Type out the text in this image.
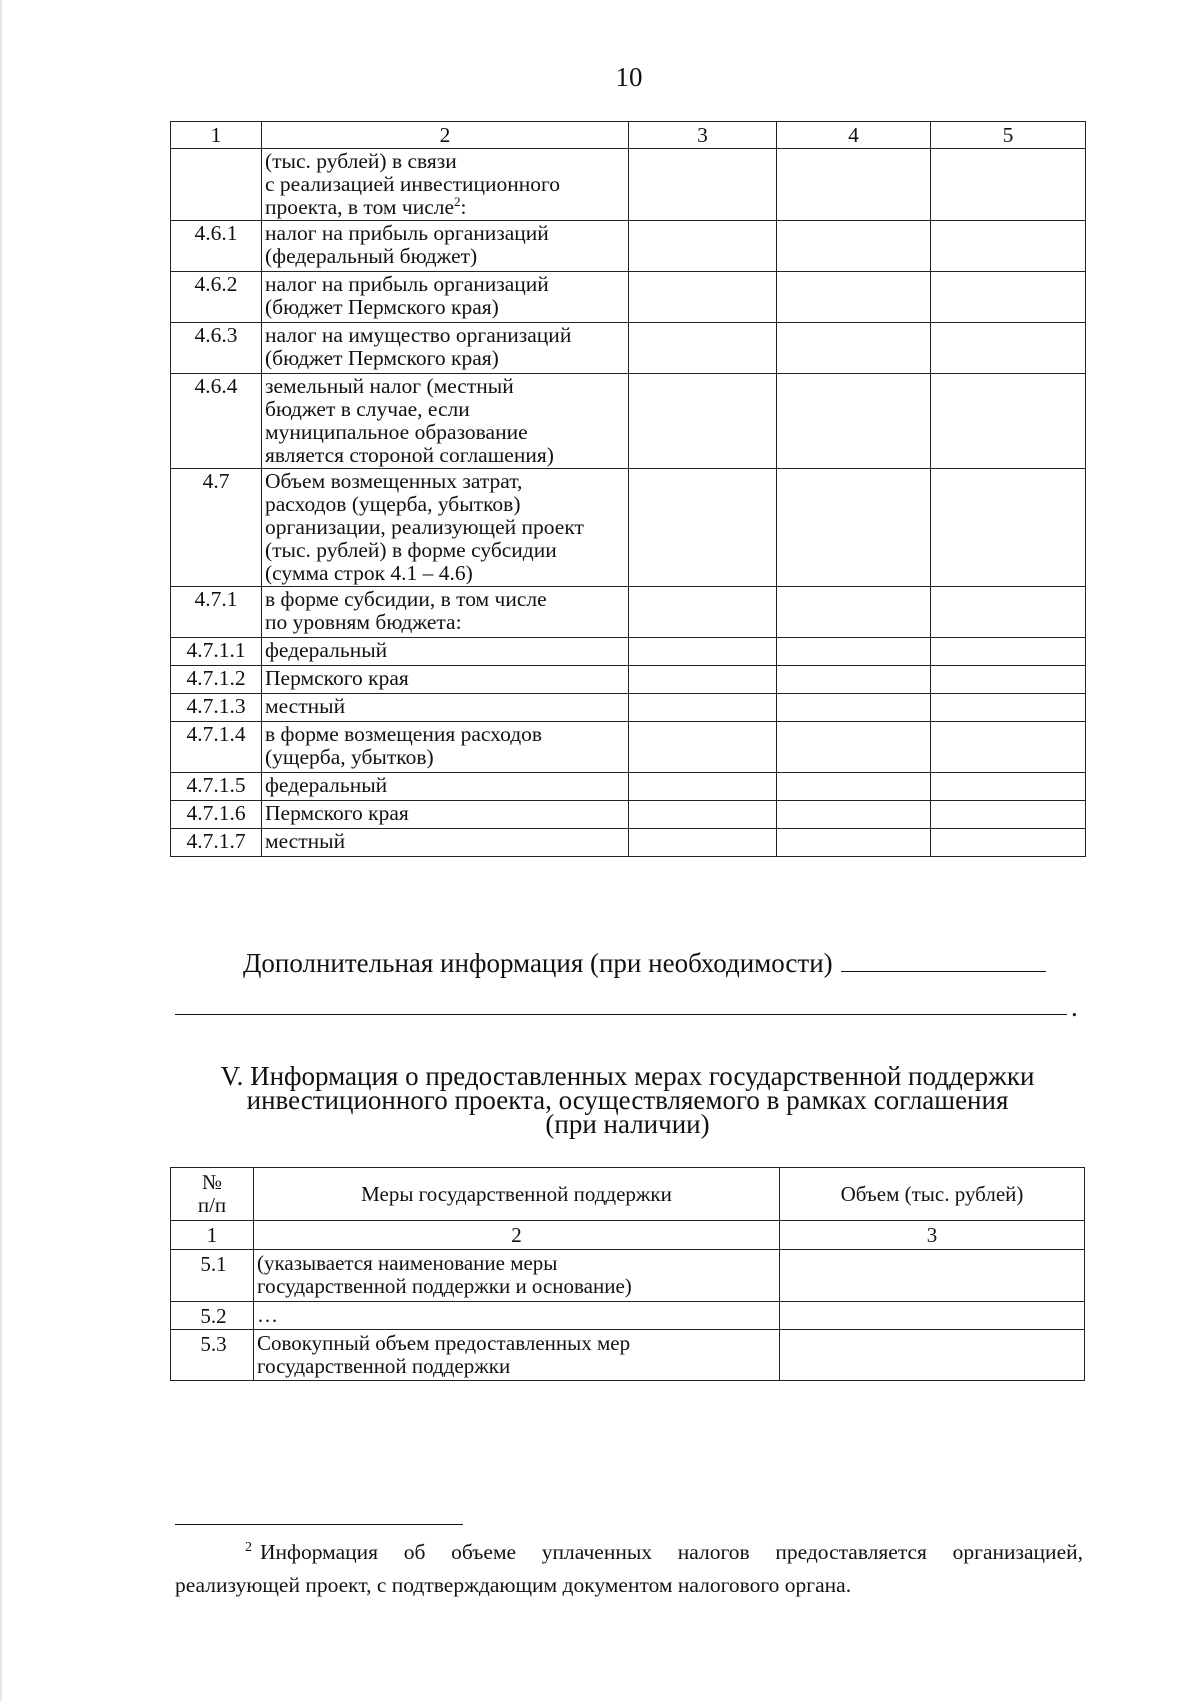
10
1	2	3	4	5

	(тыс. рублей) в связи
с реализацией инвестиционного
проекта, в том числе$^2$:			

4.6.1	налог на прибыль организаций
(федеральный бюджет)			

4.6.2	налог на прибыль организаций
(бюджет Пермского края)			

4.6.3	налог на имущество организаций
(бюджет Пермского края)			

4.6.4	земельный налог (местный
бюджет в случае, если
муниципальное образование
является стороной соглашения)			

4.7	Объем возмещенных затрат,
расходов (ущерба, убытков)
организации, реализующей проект
(тыс. рублей) в форме субсидии
(сумма строк 4.1 – 4.6)			

4.7.1	в форме субсидии, в том числе
по уровням бюджета:			

4.7.1.1	федеральный			

4.7.1.2	Пермского края			

4.7.1.3	местный			

4.7.1.4	в форме возмещения расходов
(ущерба, убытков)			

4.7.1.5	федеральный			

4.7.1.6	Пермского края			

4.7.1.7	местный			

Дополнительная информация (при необходимости)
.
V. Информация о предоставленных мерах государственной поддержки
инвестиционного проекта, осуществляемого в рамках соглашения
(при наличии)
№
п/п	Меры государственной поддержки	Объем (тыс. рублей)
1	2	3
5.1	(указывается наименование меры
государственной поддержки и основание)	

5.2	…	

5.3	Совокупный объем предоставленных мер
государственной поддержки	

$^2$ Информация об объеме уплаченных налогов предоставляется организацией, реализующей проект, с подтверждающим документом налогового органа.
